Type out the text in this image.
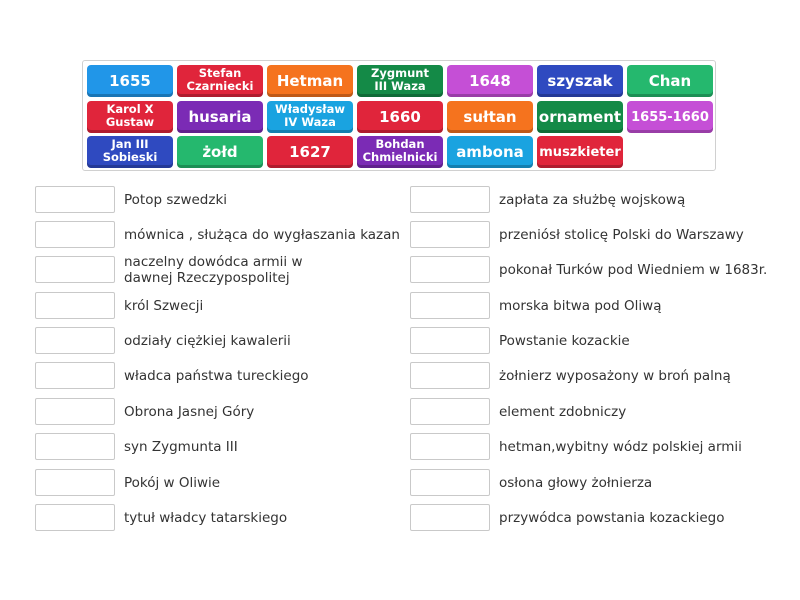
1655	Stefan
Czarniecki	Hetman	Zygmunt
III Waza	1648	szyszak	Chan
Karol X
Gustaw	husaria	Władysław
IV Waza	1660	sułtan	ornament 1655-1660
Jan III
Sobieski	żołd	1627	Bohdan
Chmielnicki	ambona	muszkieter
Potop szwedzki
mównica , służąca do wygłaszania kazan
naczelny dowódca armii w
dawnej Rzeczypospolitej
król Szwecji
odziały ciężkiej kawalerii
władca państwa tureckiego
Obrona Jasnej Góry
syn Zygmunta III
Pokój w Oliwie
tytuł władcy tatarskiego
zapłata za służbę wojskową
przeniósł stolicę Polski do Warszawy
pokonał Turków pod Wiedniem w 1683r.
morska bitwa pod Oliwą
Powstanie kozackie
żołnierz wyposażony w broń palną
element zdobniczy
hetman,wybitny wódz polskiej armii
osłona głowy żołnierza
przywódca powstania kozackiego
